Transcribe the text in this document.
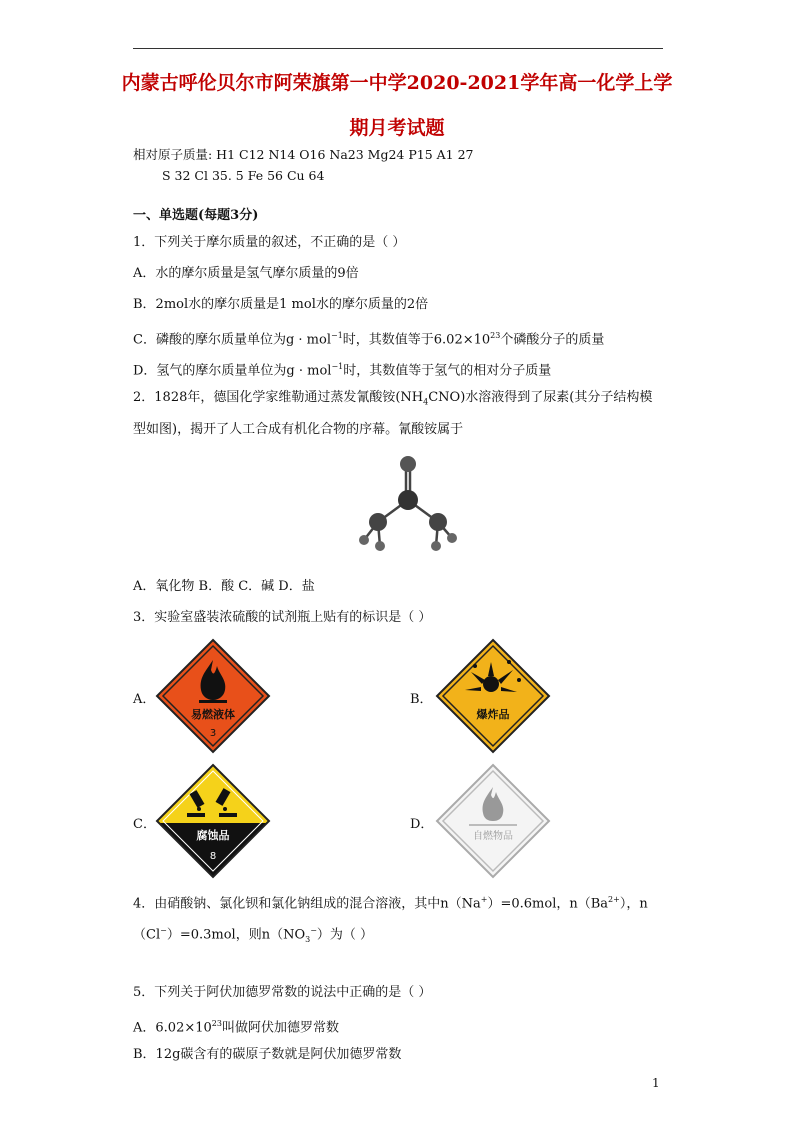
内蒙古呼伦贝尔市阿荣旗第一中学2020-2021学年高一化学上学
期月考试题
相对原子质量: H1 C12 N14 O16 Na23 Mg24 P15 A1 27
S 32 Cl 35. 5 Fe 56 Cu 64
一、单选题(每题3分)
1．下列关于摩尔质量的叙述，不正确的是（ ）
A．水的摩尔质量是氢气摩尔质量的9倍
B．2mol水的摩尔质量是1 mol水的摩尔质量的2倍
C．磷酸的摩尔质量单位为g · mol$^{-1}$时，其数值等于$6.02\times 10^{23}$个磷酸分子的质量
D．氢气的摩尔质量单位为g · mol$^{-1}$时，其数值等于氢气的相对分子质量
2．1828年，德国化学家维勒通过蒸发氰酸铵$(NH_4CNO)$水溶液得到了尿素(其分子结构模
型如图)，揭开了人工合成有机化合物的序幕。氰酸铵属于
A．氧化物 B．酸 C．碱 D．盐
3．实验室盛装浓硫酸的试剂瓶上贴有的标识是（ ）
A．	B．
C．	D．
易燃液体
3
爆炸品
腐蚀品
8
自燃物品
4．由硝酸钠、氯化钡和氯化钠组成的混合溶液，其中n（Na+）=0.6mol，$n(Ba^{2+})$，n
（Cl−）=0.3mol，则$n(NO_3^-)$为（ ）
5．下列关于阿伏加德罗常数的说法中正确的是（ ）
A．$6.02\times 10^{23}$叫做阿伏加德罗常数
B．12g碳含有的碳原子数就是阿伏加德罗常数
1
